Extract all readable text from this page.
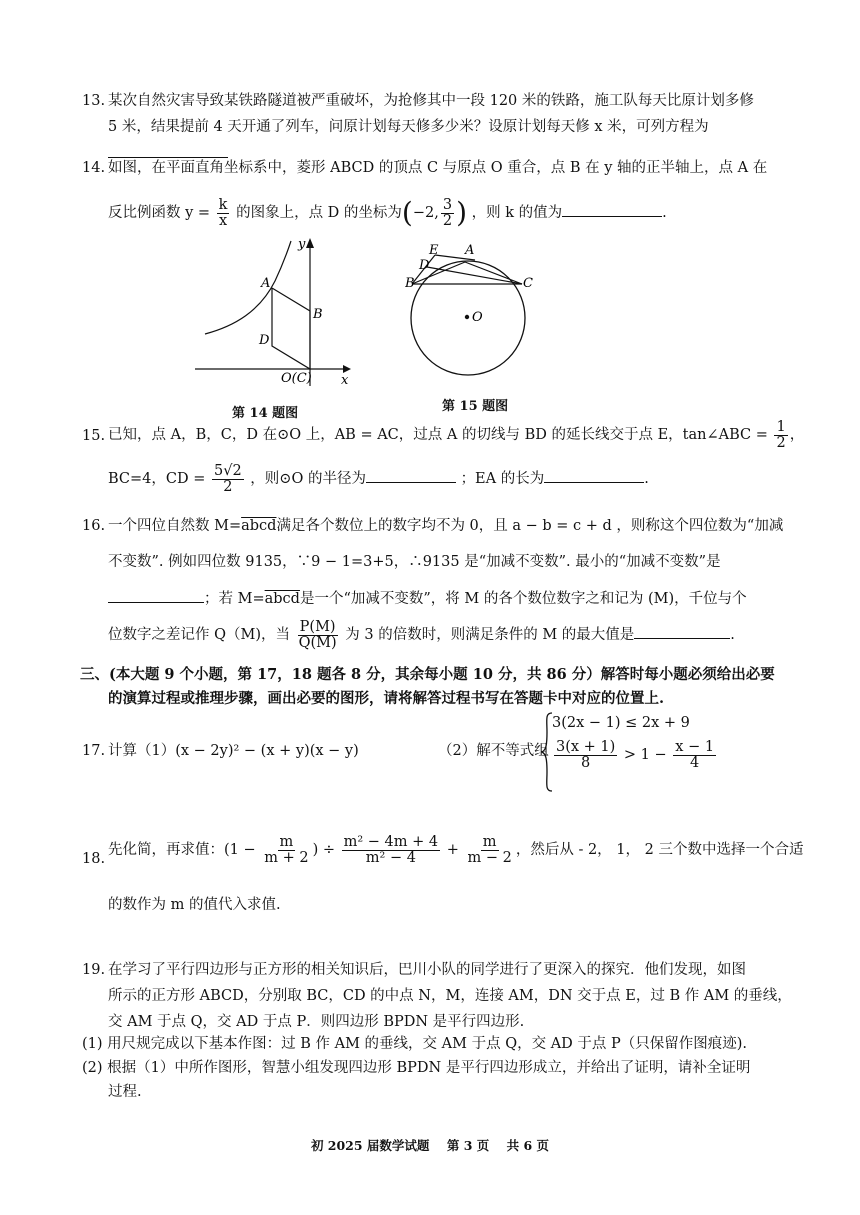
13. 某次自然灾害导致某铁路隧道被严重破坏，为抢修其中一段 120 米的铁路，施工队每天比原计划多修
5 米，结果提前 4 天开通了列车，问原计划每天修多少米？设原计划每天修 x 米，可列方程为
14. 如图，在平面直角坐标系中，菱形 ABCD 的顶点 C 与原点 O 重合，点 B 在 y 轴的正半轴上，点 A 在
反比例函数 $y = \frac{k}{x}$ 的图象上，点 D 的坐标为(−2, $\frac{3}{2}$ ) ，则 k 的值为	.
A
B
D
O(C)
y
x
第 14 题图
E A
D
B	C
O
第 15 题图
15. 已知，点 A，B，C，D 在⊙O 上，AB = AC，过点 A 的切线与 BD 的延长线交于点 E，tan∠ABC = $\frac{1}{2}$ ，
BC=4，CD = $\frac{5√2}{2}$ ，则⊙O 的半径为	；EA 的长为	.
16. 一个四位自然数 M=abcd满足各个数位上的数字均不为 0，且 a − b = c + d ，则称这个四位数为“加减
不变数”. 例如四位数 9135，∵9 − 1=3+5，∴9135 是“加减不变数”. 最小的“加减不变数”是
；若 M=abcd是一个“加减不变数”，将 M 的各个数位数字之和记为 (M)，千位与个
位数字之差记作 Q（M)，当 $\frac{P(M)}{Q(M)}$ 为 3 的倍数时，则满足条件的 M 的最大值是	.
三、(本大题 9 个小题，第 17，18 题各 8 分，其余每小题 10 分，共 86 分）解答时每小题必须给出必要
的演算过程或推理步骤，画出必要的图形，请将解答过程书写在答题卡中对应的位置上.
17. 计算（1）(x − 2y)² − (x + y)(x − y)	（2）解不等式组
3(2x − 1) ≤ 2x + 9
$\frac{3(x + 1)}{8} > 1 - \frac{x - 1}{4}$
18.
先化简，再求值：($1 - \frac{m}{m + 2}$ ) ÷ $\frac{\text{m² − 4m + 4}}{\text{m² − 4}} + \frac{m}{m - 2}$ ，然后从 - 2， 1， 2 三个数中选择一个合适
的数作为 m 的值代入求值.
19. 在学习了平行四边形与正方形的相关知识后，巴川小队的同学进行了更深入的探究．他们发现，如图
所示的正方形 ABCD，分别取 BC，CD 的中点 N，M，连接 AM，DN 交于点 E，过 B 作 AM 的垂线，
交 AM 于点 Q，交 AD 于点 P．则四边形 BPDN 是平行四边形.
(1) 用尺规完成以下基本作图：过 B 作 AM 的垂线，交 AM 于点 Q，交 AD 于点 P（只保留作图痕迹).
(2) 根据（1）中所作图形，智慧小组发现四边形 BPDN 是平行四边形成立，并给出了证明，请补全证明
过程.
初 2025 届数学试题    第 3 页    共 6 页
